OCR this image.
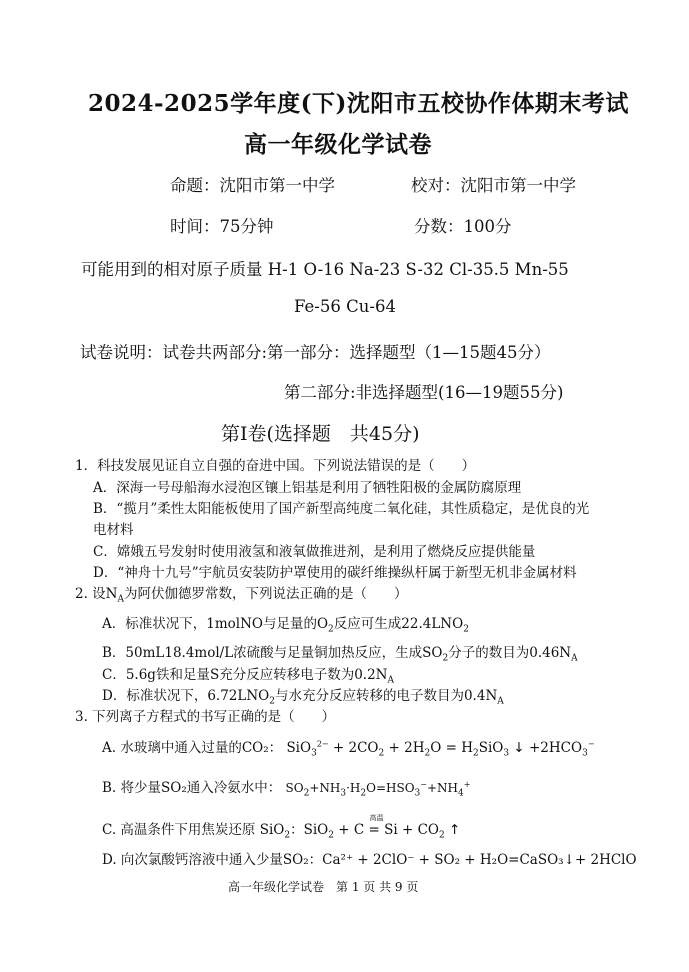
2024-2025学年度(下)沈阳市五校协作体期末考试
高一年级化学试卷
命题：沈阳市第一中学	校对：沈阳市第一中学
时间：75分钟	分数：100分
可能用到的相对原子质量 H-1 O-16 Na-23 S-32 Cl-35.5 Mn-55
Fe-56 Cu-64
试卷说明：试卷共两部分:第一部分：选择题型（1—15题45分）
第二部分:非选择题型(16—19题55分)
第Ⅰ卷(选择题　共45分)
1．科技发展见证自立自强的奋进中国。下列说法错误的是（　　）
A．深海一号母船海水浸泡区镶上铝基是利用了牺牲阳极的金属防腐原理
B．“揽月”柔性太阳能板使用了国产新型高纯度二氧化硅，其性质稳定，是优良的光
电材料
C．嫦娥五号发射时使用液氢和液氧做推进剂，是利用了燃烧反应提供能量
D．“神舟十九号”宇航员安装防护罩使用的碳纤维操纵杆属于新型无机非金属材料
2. 设$N_A$为阿伏伽德罗常数，下列说法正确的是（　　）
A．标准状况下，1molNO与足量的$O_2$反应可生成$22.4LNO_2$
B．50mL18.4mol/L浓硫酸与足量铜加热反应，生成$SO_2$分子的数目为$0.46N_A$
C．5.6g铁和足量S充分反应转移电子数为$0.2N_A$
D．标准状况下，$6.72LNO_2$与水充分反应转移的电子数目为$0.4N_A$
3. 下列离子方程式的书写正确的是（　　）
A. 水玻璃中通入过量的CO₂： $SiO_3^{2-} + 2CO_2 + 2H_2O = H_2SiO_3$ ↓ $+2HCO_3^-$
B. 将少量SO₂通入冷氨水中： $SO_2+NH_3\cdot H_2O=HSO_3^-+NH_4^+$
C. 高温条件下用焦炭还原 SiO$_2$：SiO$_2$ + C
高温
= $Si + CO_2$ ↑
D. 向次氯酸钙溶液中通入少量SO₂：Ca²⁺ + 2ClO⁻ + SO₂ + H₂O=CaSO₃↓+ 2HClO
高一年级化学试卷　第 1 页 共 9 页
